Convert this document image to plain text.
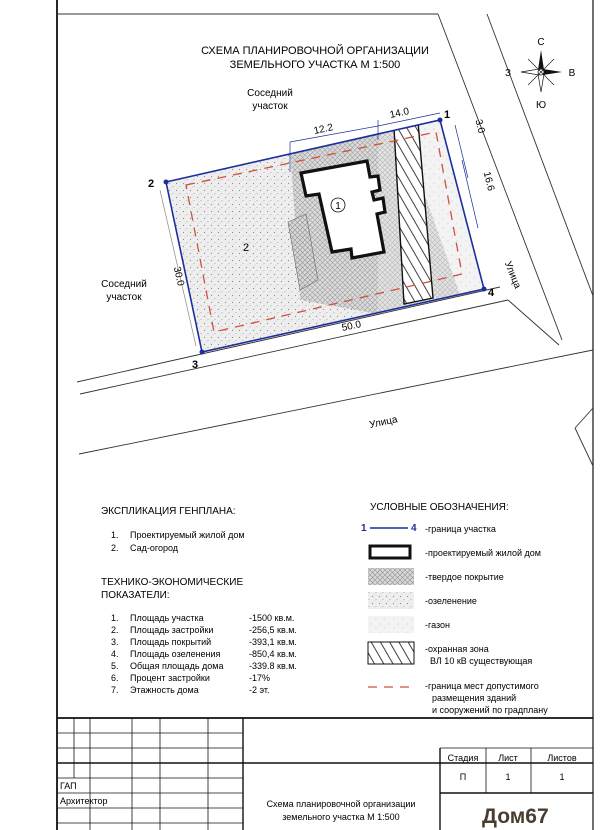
СХЕМА ПЛАНИРОВОЧНОЙ ОРГАНИЗАЦИИ
ЗЕМЕЛЬНОГО УЧАСТКА М 1:500
С
Ю
З	В
1
2
1
2
3
4
12.2
14.0
3.0
16.6
30.0
50.0
Соседний
участок
Соседний
участок
Улица
Улица
ЭКСПЛИКАЦИЯ ГЕНПЛАНА:
1. Проектируемый жилой дом
2. Сад-огород
ТЕХНИКО-ЭКОНОМИЧЕСКИЕ
ПОКАЗАТЕЛИ:
1. Площадь участка	-1500 кв.м.
2. Площадь застройки	-256,5 кв.м.
3. Площадь покрытий	-393,1 кв.м.
4. Площадь озеленения	-850,4 кв.м.
5. Общая площадь дома	-339.8 кв.м.
6. Процент застройки	-17%
7. Этажность дома	-2 эт.
УСЛОВНЫЕ ОБОЗНАЧЕНИЯ:
1	4 -граница участка
-проектируемый жилой дом
-твердое покрытие
-озеленение
-газон
-охранная зона
ВЛ 10 кВ существующая
-граница мест допустимого
размещения зданий
и сооружений по градплану
Стадия Лист	Листов
П	1	1
ГАП
Архитектор	Схема планировочной организации
земельного участка М 1:500	Дом67
